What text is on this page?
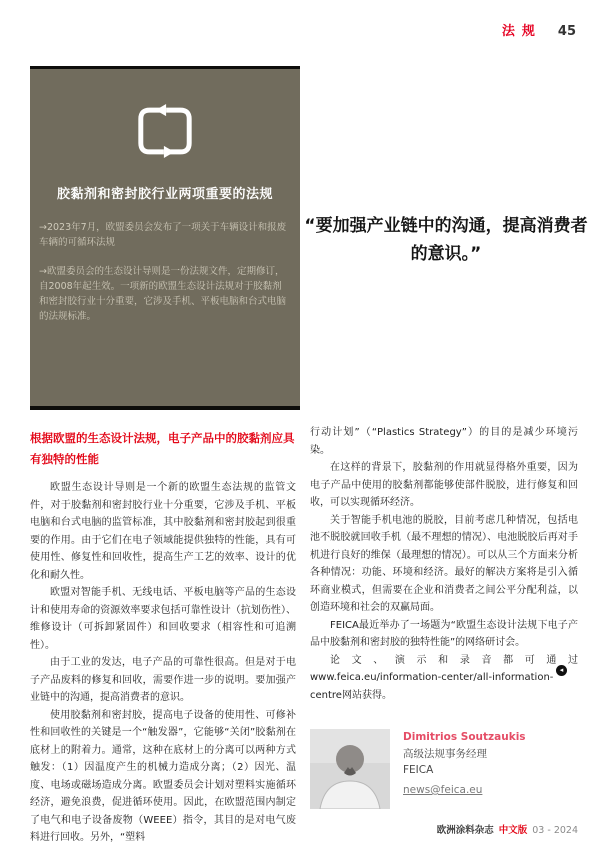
法规 45
胶黏剂和密封胶行业两项重要的法规

→2023年7月，欧盟委员会发布了一项关于车辆设计和报废车辆的可循环法规

→欧盟委员会的生态设计导则是一份法规文件，定期修订，自2008年起生效。一项新的欧盟生态设计法规对于胶黏剂和密封胶行业十分重要，它涉及手机、平板电脑和台式电脑的法规标准。

“要加强产业链中的沟通，提高消费者的意识。”
根据欧盟的生态设计法规，电子产品中的胶黏剂应具有独特的性能

欧盟生态设计导则是一个新的欧盟生态法规的监管文件，对于胶黏剂和密封胶行业十分重要，它涉及手机、平板电脑和台式电脑的监管标准，其中胶黏剂和密封胶起到很重要的作用。由于它们在电子领域能提供独特的性能，具有可使用性、修复性和回收性，提高生产工艺的效率、设计的优化和耐久性。

欧盟对智能手机、无线电话、平板电脑等产品的生态设计和使用寿命的资源效率要求包括可靠性设计（抗划伤性）、维修设计（可拆卸紧固件）和回收要求（相容性和可追溯性）。

由于工业的发达，电子产品的可靠性很高。但是对于电子产品废料的修复和回收，需要作进一步的说明。要加强产业链中的沟通，提高消费者的意识。

使用胶黏剂和密封胶，提高电子设备的使用性、可修补性和回收性的关键是一个“触发器”，它能够“关闭”胶黏剂在底材上的附着力。通常，这种在底材上的分离可以两种方式触发：（1）因温度产生的机械力造成分离；（2）因光、温度、电场或磁场造成分离。欧盟委员会计划对塑料实施循环经济，避免浪费，促进循环使用。因此，在欧盟范围内制定了电气和电子设备废物（WEEE）指令，其目的是对电气废料进行回收。另外，“塑料

行动计划”（“Plastics Strategy”）的目的是减少环境污染。

在这样的背景下，胶黏剂的作用就显得格外重要，因为电子产品中使用的胶黏剂都能够使部件脱胶，进行修复和回收，可以实现循环经济。

关于智能手机电池的脱胶，目前考虑几种情况，包括电池不脱胶就回收手机（最不理想的情况）、电池脱胶后再对手机进行良好的维保（最理想的情况）。可以从三个方面来分析各种情况：功能、环境和经济。最好的解决方案将是引入循环商业模式，但需要在企业和消费者之间公平分配利益，以创造环境和社会的双赢局面。

FEICA最近举办了一场题为“欧盟生态设计法规下电子产品中胶黏剂和密封胶的独特性能”的网络研讨会。

论文、演示和录音都可通过www.feica.eu/information-center/all-information-centre网站获得。

◂
Dimitrios Soutzaukis
高级法规事务经理
FEICA
news@feica.eu
欧洲涂料杂志 中文版 03 - 2024
